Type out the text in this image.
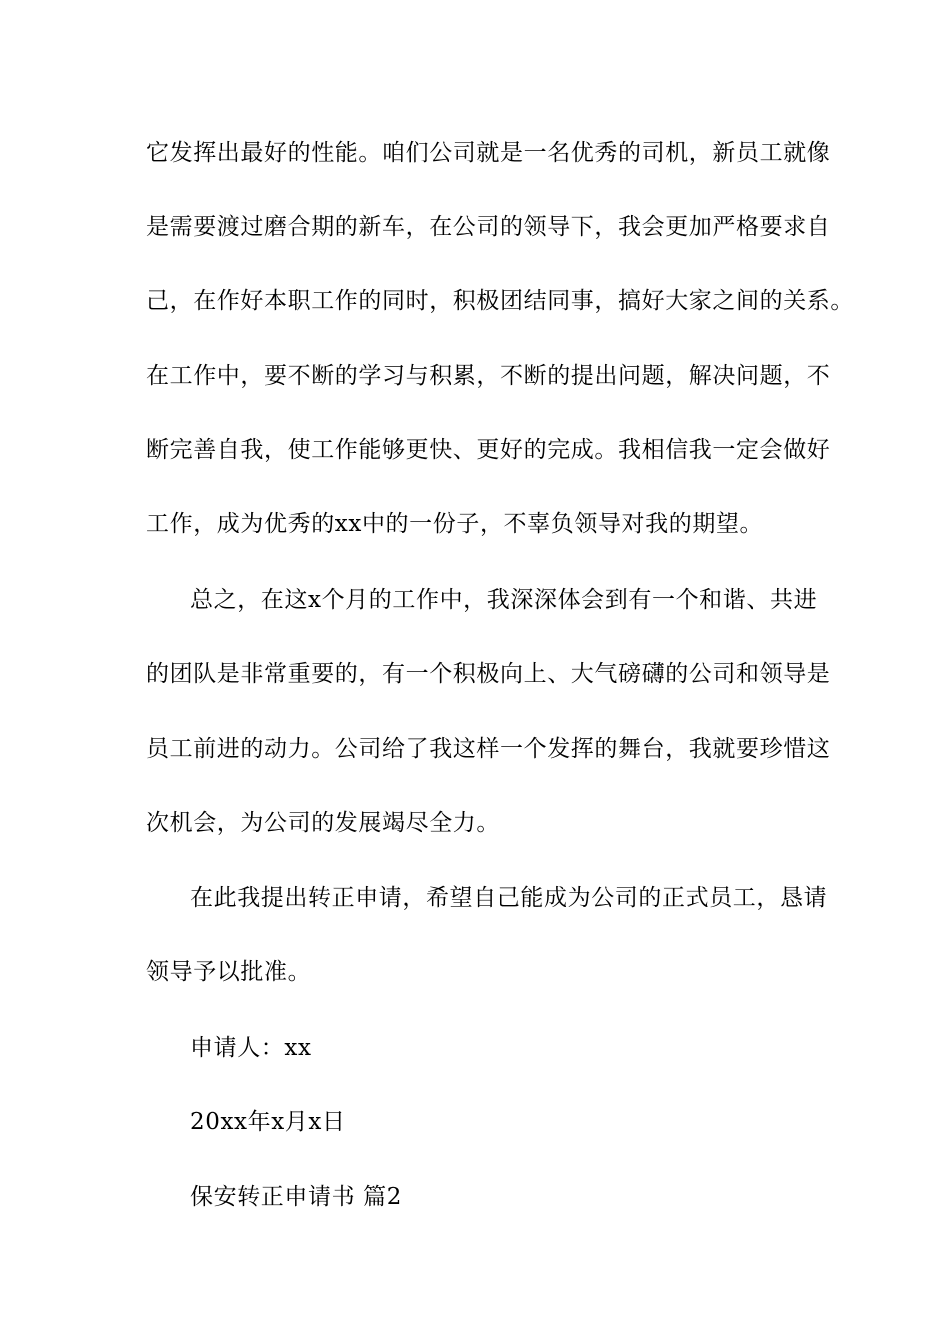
它发挥出最好的性能。咱们公司就是一名优秀的司机，新员工就像

是需要渡过磨合期的新车，在公司的领导下，我会更加严格要求自

己，在作好本职工作的同时，积极团结同事，搞好大家之间的关系。

在工作中，要不断的学习与积累，不断的提出问题，解决问题，不

断完善自我，使工作能够更快、更好的完成。我相信我一定会做好

工作，成为优秀的xx中的一份子，不辜负领导对我的期望。

总之，在这x个月的工作中，我深深体会到有一个和谐、共进

的团队是非常重要的，有一个积极向上、大气磅礴的公司和领导是

员工前进的动力。公司给了我这样一个发挥的舞台，我就要珍惜这

次机会，为公司的发展竭尽全力。

在此我提出转正申请，希望自己能成为公司的正式员工，恳请

领导予以批准。

申请人：xx

20xx年x月x日

保安转正申请书 篇2
